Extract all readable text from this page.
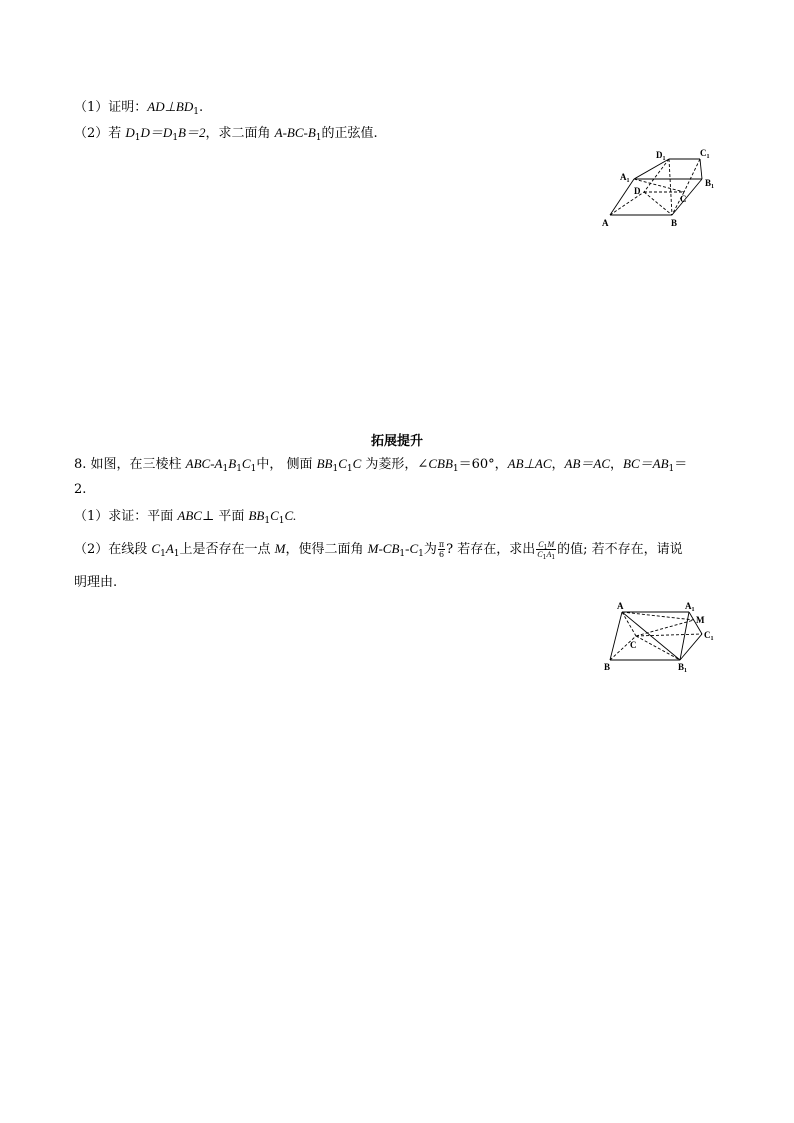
（1）证明：$AD\perp BD_1$.
（2）若 $D_1D=D_1B=2$，求二面角 $A-BC-B_1$的正弦值.
A	B
C
D
$A_1$	$B_1$
$C_1$
$D_1$
拓展提升
8. 如图，在三棱柱 ABC-$A_1B_1C_1$中， 侧面 $BB_1C_1C$ 为菱形，$\angle CBB_1=60^\circ$，AB⊥AC，AB＝AC，$BC=AB_1=$
2.
（1）求证：平面 ABC⊥ 平面 $BB_1C_1C$.
（2）在线段 $C_1A_1$上是否存在一点 M，使得二面角 $M-CB_1-C_1$为 $\frac{\pi}{6}$ ? 若存在，求出 $\frac{C_1M}{C_1A_1}$ 的值; 若不存在，请说
明理由.
A
B
C
$A_1$
$B_1$
$C_1$
M
